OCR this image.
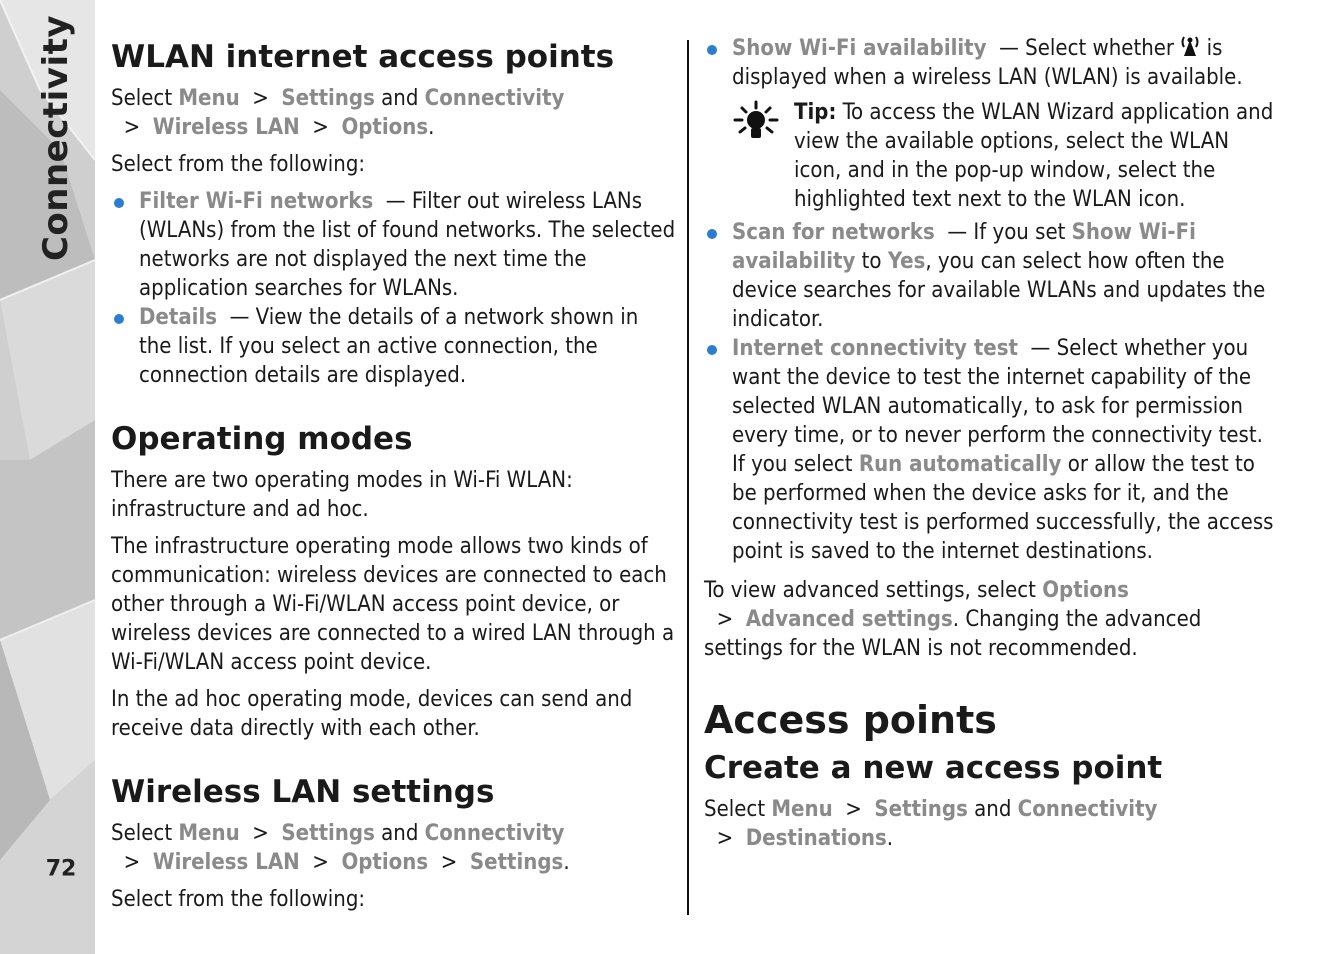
Connectivity
72
WLAN internet access points

Select Menu  >  Settings and Connectivity  >  Wireless LAN  >  Options.

Select from the following:

Filter Wi-Fi networks  — Filter out wireless LANs (WLANs) from the list of found networks. The selected networks are not displayed the next time the application searches for WLANs.
Details  — View the details of a network shown in the list. If you select an active connection, the connection details are displayed.
Operating modes

There are two operating modes in Wi-Fi WLAN: infrastructure and ad hoc.

The infrastructure operating mode allows two kinds of communication: wireless devices are connected to each other through a Wi-Fi/WLAN access point device, or wireless devices are connected to a wired LAN through a Wi-Fi/WLAN access point device.

In the ad hoc operating mode, devices can send and receive data directly with each other.

Wireless LAN settings

Select Menu  >  Settings and Connectivity  >  Wireless LAN  >  Options  >  Settings.

Select from the following:

Show Wi-Fi availability  — Select whether  is displayed when a wireless LAN (WLAN) is available.
Tip: To access the WLAN Wizard application and view the available options, select the WLAN icon, and in the pop-up window, select the highlighted text next to the WLAN icon.
Scan for networks  — If you set Show Wi-Fi availability to Yes, you can select how often the device searches for available WLANs and updates the indicator.
Internet connectivity test  — Select whether you want the device to test the internet capability of the selected WLAN automatically, to ask for permission every time, or to never perform the connectivity test. If you select Run automatically or allow the test to be performed when the device asks for it, and the connectivity test is performed successfully, the access point is saved to the internet destinations.

To view advanced settings, select Options  >  Advanced settings. Changing the advanced settings for the WLAN is not recommended.

Access points
Create a new access point

Select Menu  >  Settings and Connectivity  >  Destinations.
